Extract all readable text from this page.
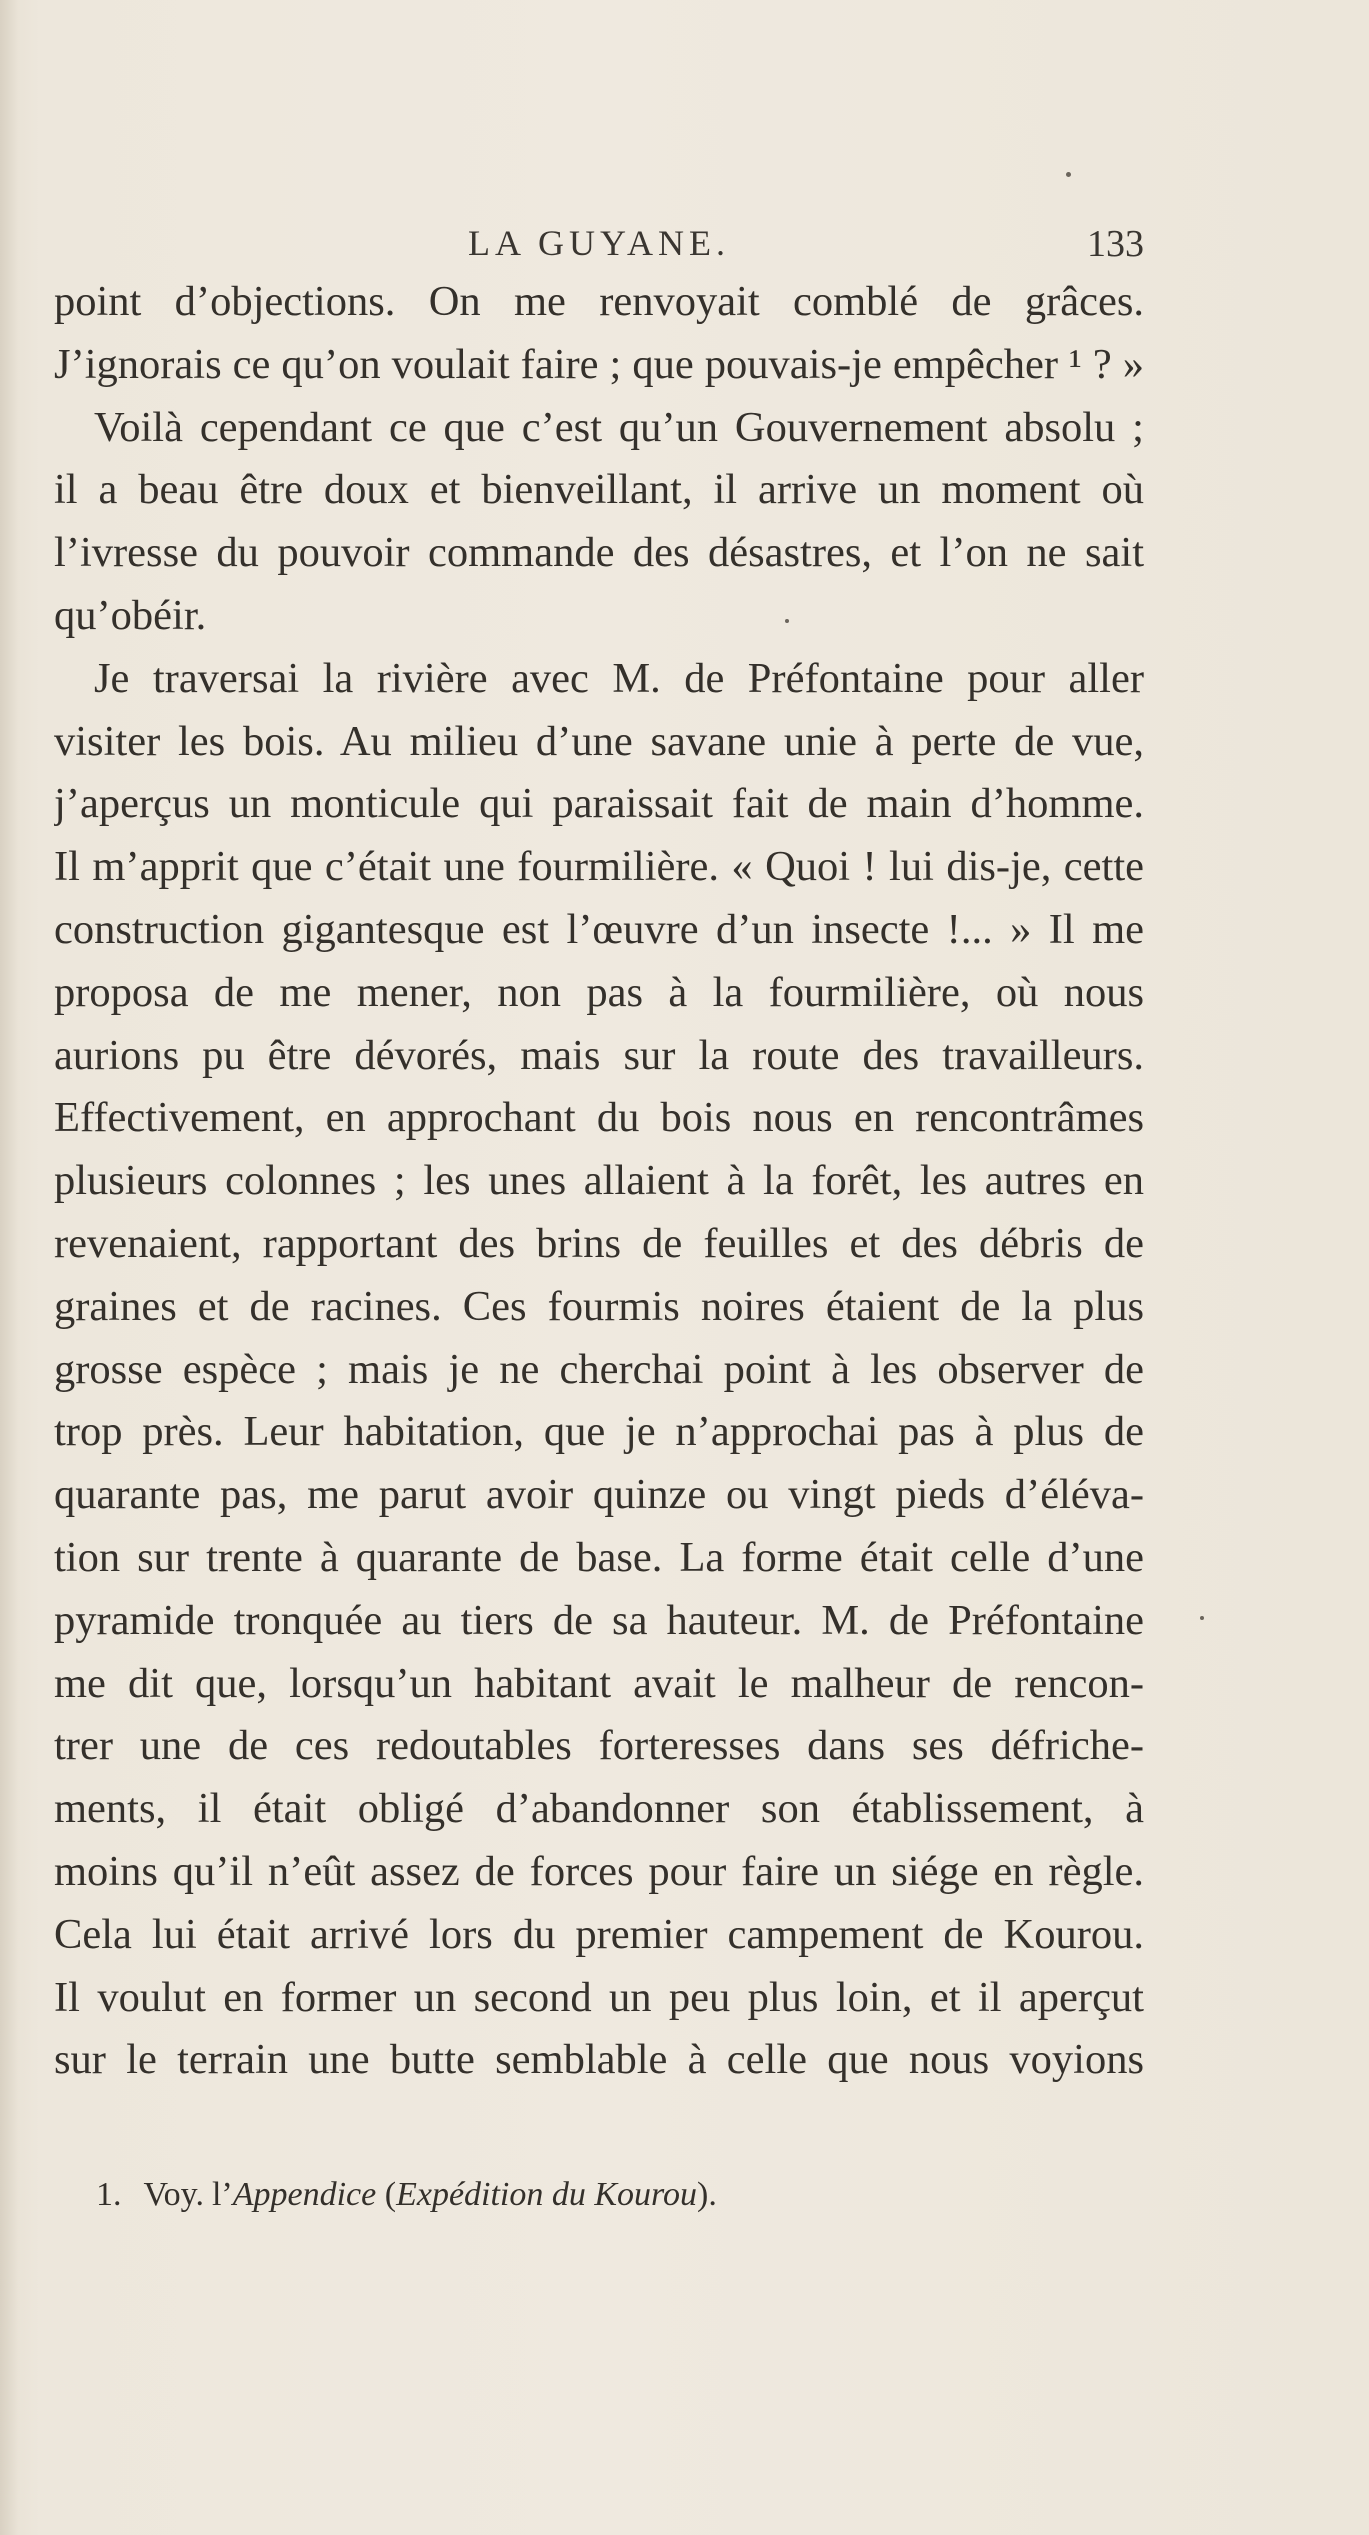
LA GUYANE.	133
point d’objections. On me renvoyait comblé de grâces.
J’ignorais ce qu’on voulait faire ; que pouvais-je empêcher ¹ ? »
Voilà cependant ce que c’est qu’un Gouvernement absolu ;
il a beau être doux et bienveillant, il arrive un moment où
l’ivresse du pouvoir commande des désastres, et l’on ne sait
qu’obéir.
Je traversai la rivière avec M. de Préfontaine pour aller
visiter les bois. Au milieu d’une savane unie à perte de vue,
j’aperçus un monticule qui paraissait fait de main d’homme.
Il m’apprit que c’était une fourmilière. « Quoi ! lui dis-je, cette
construction gigantesque est l’œuvre d’un insecte !... » Il me
proposa de me mener, non pas à la fourmilière, où nous
aurions pu être dévorés, mais sur la route des travailleurs.
Effectivement, en approchant du bois nous en rencontrâmes
plusieurs colonnes ; les unes allaient à la forêt, les autres en
revenaient, rapportant des brins de feuilles et des débris de
graines et de racines. Ces fourmis noires étaient de la plus
grosse espèce ; mais je ne cherchai point à les observer de
trop près. Leur habitation, que je n’approchai pas à plus de
quarante pas, me parut avoir quinze ou vingt pieds d’éléva-
tion sur trente à quarante de base. La forme était celle d’une
pyramide tronquée au tiers de sa hauteur. M. de Préfontaine
me dit que, lorsqu’un habitant avait le malheur de rencon-
trer une de ces redoutables forteresses dans ses défriche-
ments, il était obligé d’abandonner son établissement, à
moins qu’il n’eût assez de forces pour faire un siége en règle.
Cela lui était arrivé lors du premier campement de Kourou.
Il voulut en former un second un peu plus loin, et il aperçut
sur le terrain une butte semblable à celle que nous voyions
1. Voy. l’Appendice (Expédition du Kourou).
